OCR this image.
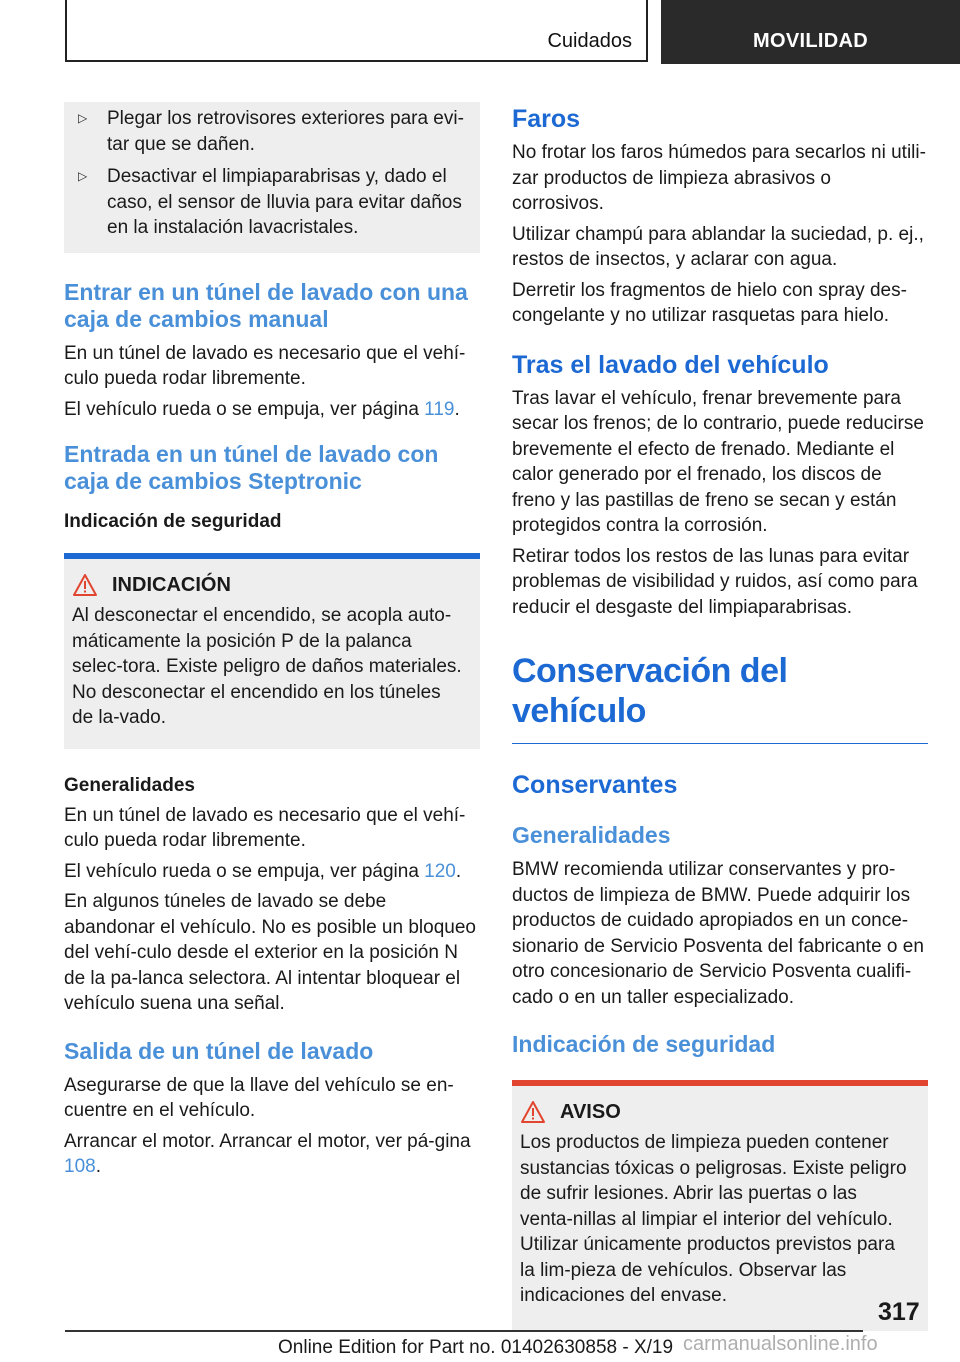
Cuidados	MOVILIDAD
▷	Plegar los retrovisores exteriores para evi-tar que se dañen.

▷	Desactivar el limpiaparabrisas y, dado el caso, el sensor de lluvia para evitar daños en la instalación lavacristales.

Entrar en un túnel de lavado con una caja de cambios manual

En un túnel de lavado es necesario que el vehí-culo pueda rodar libremente.

El vehículo rueda o se empuja, ver página 119.

Entrada en un túnel de lavado con caja de cambios Steptronic
Indicación de seguridad
INDICACIÓN

Al desconectar el encendido, se acopla auto-máticamente la posición P de la palanca selec-tora. Existe peligro de daños materiales. No desconectar el encendido en los túneles de la-vado.

Generalidades

En un túnel de lavado es necesario que el vehí-culo pueda rodar libremente.

El vehículo rueda o se empuja, ver página 120.

En algunos túneles de lavado se debe abandonar el vehículo. No es posible un bloqueo del vehí-culo desde el exterior en la posición N de la pa-lanca selectora. Al intentar bloquear el vehículo suena una señal.

Salida de un túnel de lavado

Asegurarse de que la llave del vehículo se en-cuentre en el vehículo.

Arrancar el motor. Arrancar el motor, ver pá-gina 108.

Faros

No frotar los faros húmedos para secarlos ni utili-zar productos de limpieza abrasivos o corrosivos.

Utilizar champú para ablandar la suciedad, p. ej., restos de insectos, y aclarar con agua.

Derretir los fragmentos de hielo con spray des-congelante y no utilizar rasquetas para hielo.

Tras el lavado del vehículo

Tras lavar el vehículo, frenar brevemente para secar los frenos; de lo contrario, puede reducirse brevemente el efecto de frenado. Mediante el calor generado por el frenado, los discos de freno y las pastillas de freno se secan y están protegidos contra la corrosión.

Retirar todos los restos de las lunas para evitar problemas de visibilidad y ruidos, así como para reducir el desgaste del limpiaparabrisas.

Conservación del vehículo
Conservantes
Generalidades

BMW recomienda utilizar conservantes y pro-ductos de limpieza de BMW. Puede adquirir los productos de cuidado apropiados en un conce-sionario de Servicio Posventa del fabricante o en otro concesionario de Servicio Posventa cualifi-cado o en un taller especializado.

Indicación de seguridad
AVISO

Los productos de limpieza pueden contener sustancias tóxicas o peligrosas. Existe peligro de sufrir lesiones. Abrir las puertas o las venta-nillas al limpiar el interior del vehículo. Utilizar únicamente productos previstos para la lim-pieza de vehículos. Observar las indicaciones del envase.

317
Online Edition for Part no. 01402630858 - X/19 carmanualsonline.info
